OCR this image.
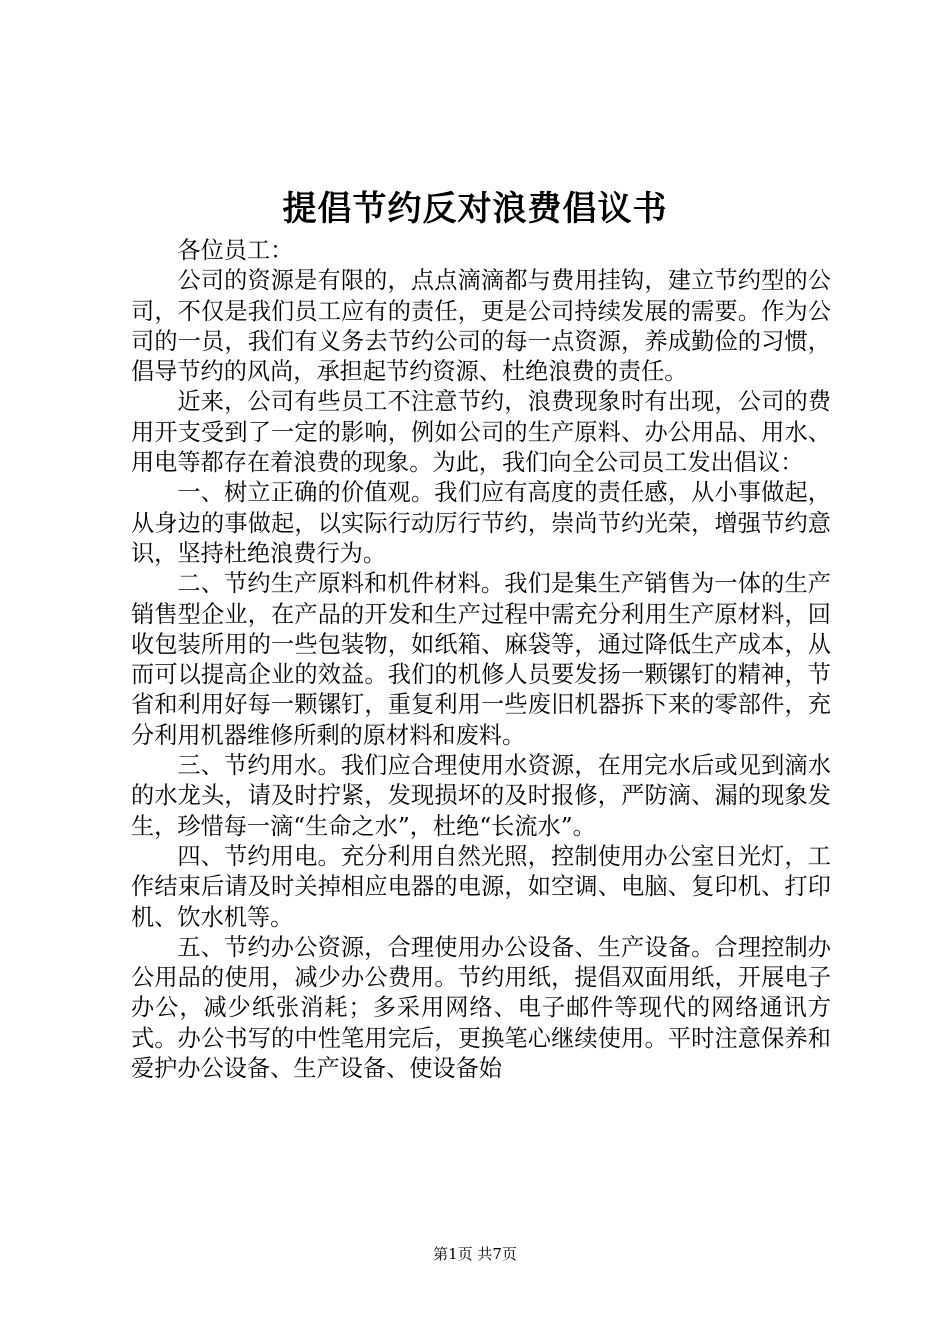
提倡节约反对浪费倡议书

各位员工：

公司的资源是有限的，点点滴滴都与费用挂钩，建立节约型的公司，不仅是我们员工应有的责任，更是公司持续发展的需要。作为公司的一员，我们有义务去节约公司的每一点资源，养成勤俭的习惯，倡导节约的风尚，承担起节约资源、杜绝浪费的责任。

近来，公司有些员工不注意节约，浪费现象时有出现，公司的费用开支受到了一定的影响，例如公司的生产原料、办公用品、用水、用电等都存在着浪费的现象。为此，我们向全公司员工发出倡议：

一、树立正确的价值观。我们应有高度的责任感，从小事做起，从身边的事做起，以实际行动厉行节约，崇尚节约光荣，增强节约意识，坚持杜绝浪费行为。

二、节约生产原料和机件材料。我们是集生产销售为一体的生产销售型企业，在产品的开发和生产过程中需充分利用生产原材料，回收包装所用的一些包装物，如纸箱、麻袋等，通过降低生产成本，从而可以提高企业的效益。我们的机修人员要发扬一颗镙钉的精神，节省和利用好每一颗镙钉，重复利用一些废旧机器拆下来的零部件，充分利用机器维修所剩的原材料和废料。

三、节约用水。我们应合理使用水资源，在用完水后或见到滴水的水龙头，请及时拧紧，发现损坏的及时报修，严防滴、漏的现象发生，珍惜每一滴“生命之水”，杜绝“长流水”。

四、节约用电。充分利用自然光照，控制使用办公室日光灯，工作结束后请及时关掉相应电器的电源，如空调、电脑、复印机、打印机、饮水机等。

五、节约办公资源，合理使用办公设备、生产设备。合理控制办公用品的使用，减少办公费用。节约用纸，提倡双面用纸，开展电子办公，减少纸张消耗；多采用网络、电子邮件等现代的网络通讯方式。办公书写的中性笔用完后，更换笔心继续使用。平时注意保养和爱护办公设备、生产设备、使设备始

第1页 共7页
